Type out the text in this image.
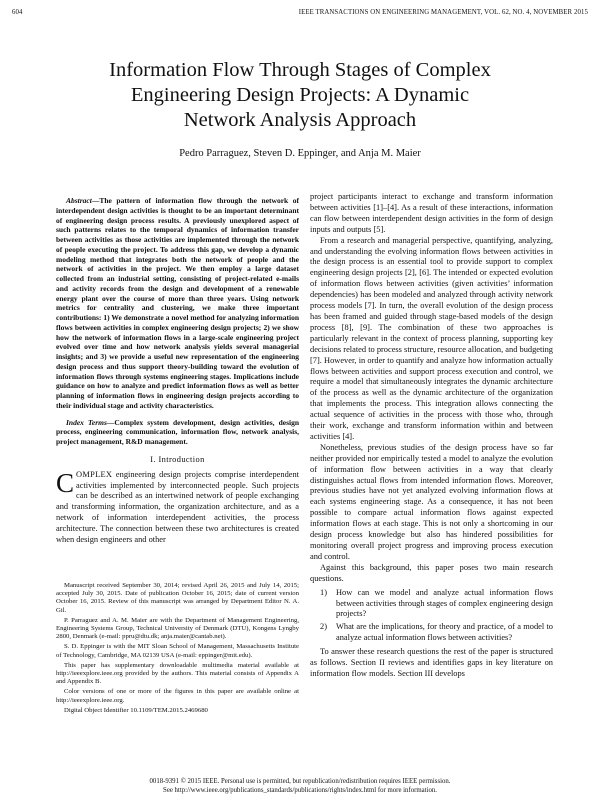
604	IEEE TRANSACTIONS ON ENGINEERING MANAGEMENT, VOL. 62, NO. 4, NOVEMBER 2015
Information Flow Through Stages of Complex
Engineering Design Projects: A Dynamic
Network Analysis Approach
Pedro Parraguez, Steven D. Eppinger, and Anja M. Maier

Abstract—The pattern of information flow through the network of interdependent design activities is thought to be an important determinant of engineering design process results. A previously unexplored aspect of such patterns relates to the temporal dynamics of information transfer between activities as those activities are implemented through the network of people executing the project. To address this gap, we develop a dynamic modeling method that integrates both the network of people and the network of activities in the project. We then employ a large dataset collected from an industrial setting, consisting of project-related e-mails and activity records from the design and development of a renewable energy plant over the course of more than three years. Using network metrics for centrality and clustering, we make three important contributions: 1) We demonstrate a novel method for analyzing information flows between activities in complex engineering design projects; 2) we show how the network of information flows in a large-scale engineering project evolved over time and how network analysis yields several managerial insights; and 3) we provide a useful new representation of the engineering design process and thus support theory-building toward the evolution of information flows through systems engineering stages. Implications include guidance on how to analyze and predict information flows as well as better planning of information flows in engineering design projects according to their individual stage and activity characteristics.

Index Terms—Complex system development, design activities, design process, engineering communication, information flow, network analysis, project management, R&D management.

I. Introduction

COMPLEX engineering design projects comprise interdependent activities implemented by interconnected people. Such projects can be described as an intertwined network of people exchanging and transforming information, the organization architecture, and as a network of information interdependent activities, the process architecture. The connection between these two architectures is created when design engineers and other

Manuscript received September 30, 2014; revised April 26, 2015 and July 14, 2015; accepted July 30, 2015. Date of publication October 16, 2015; date of current version October 16, 2015. Review of this manuscript was arranged by Department Editor N. A. Gil.

P. Parraguez and A. M. Maier are with the Department of Management Engineering, Engineering Systems Group, Technical University of Denmark (DTU), Kongens Lyngby 2800, Denmark (e-mail: ppru@dtu.dk; anja.maier@cantab.net).

S. D. Eppinger is with the MIT Sloan School of Management, Massachusetts Institute of Technology, Cambridge, MA 02139 USA (e-mail: eppinger@mit.edu).

This paper has supplementary downloadable multimedia material available at http://ieeexplore.ieee.org provided by the authors. This material consists of Appendix A and Appendix B.

Color versions of one or more of the figures in this paper are available online at http://ieeexplore.ieee.org.

Digital Object Identifier 10.1109/TEM.2015.2469680

project participants interact to exchange and transform information between activities [1]–[4]. As a result of these interactions, information can flow between interdependent design activities in the form of design inputs and outputs [5].

From a research and managerial perspective, quantifying, analyzing, and understanding the evolving information flows between activities in the design process is an essential tool to provide support to complex engineering design projects [2], [6]. The intended or expected evolution of information flows between activities (given activities’ information dependencies) has been modeled and analyzed through activity network process models [7]. In turn, the overall evolution of the design process has been framed and guided through stage-based models of the design process [8], [9]. The combination of these two approaches is particularly relevant in the context of process planning, supporting key decisions related to process structure, resource allocation, and budgeting [7]. However, in order to quantify and analyze how information actually flows between activities and support process execution and control, we require a model that simultaneously integrates the dynamic architecture of the process as well as the dynamic architecture of the organization that implements the process. This integration allows connecting the actual sequence of activities in the process with those who, through their work, exchange and transform information within and between activities [4].

Nonetheless, previous studies of the design process have so far neither provided nor empirically tested a model to analyze the evolution of information flow between activities in a way that clearly distinguishes actual flows from intended information flows. Moreover, previous studies have not yet analyzed evolving information flows at each systems engineering stage. As a consequence, it has not been possible to compare actual information flows against expected information flows at each stage. This is not only a shortcoming in our design process knowledge but also has hindered possibilities for monitoring overall project progress and improving process execution and control.

Against this background, this paper poses two main research questions.

1) How can we model and analyze actual information flows between activities through stages of complex engineering design projects?
2) What are the implications, for theory and practice, of a model to analyze actual information flows between activities?

To answer these research questions the rest of the paper is structured as follows. Section II reviews and identifies gaps in key literature on information flow models. Section III develops

0018-9391 © 2015 IEEE. Personal use is permitted, but republication/redistribution requires IEEE permission.
See http://www.ieee.org/publications_standards/publications/rights/index.html for more information.
